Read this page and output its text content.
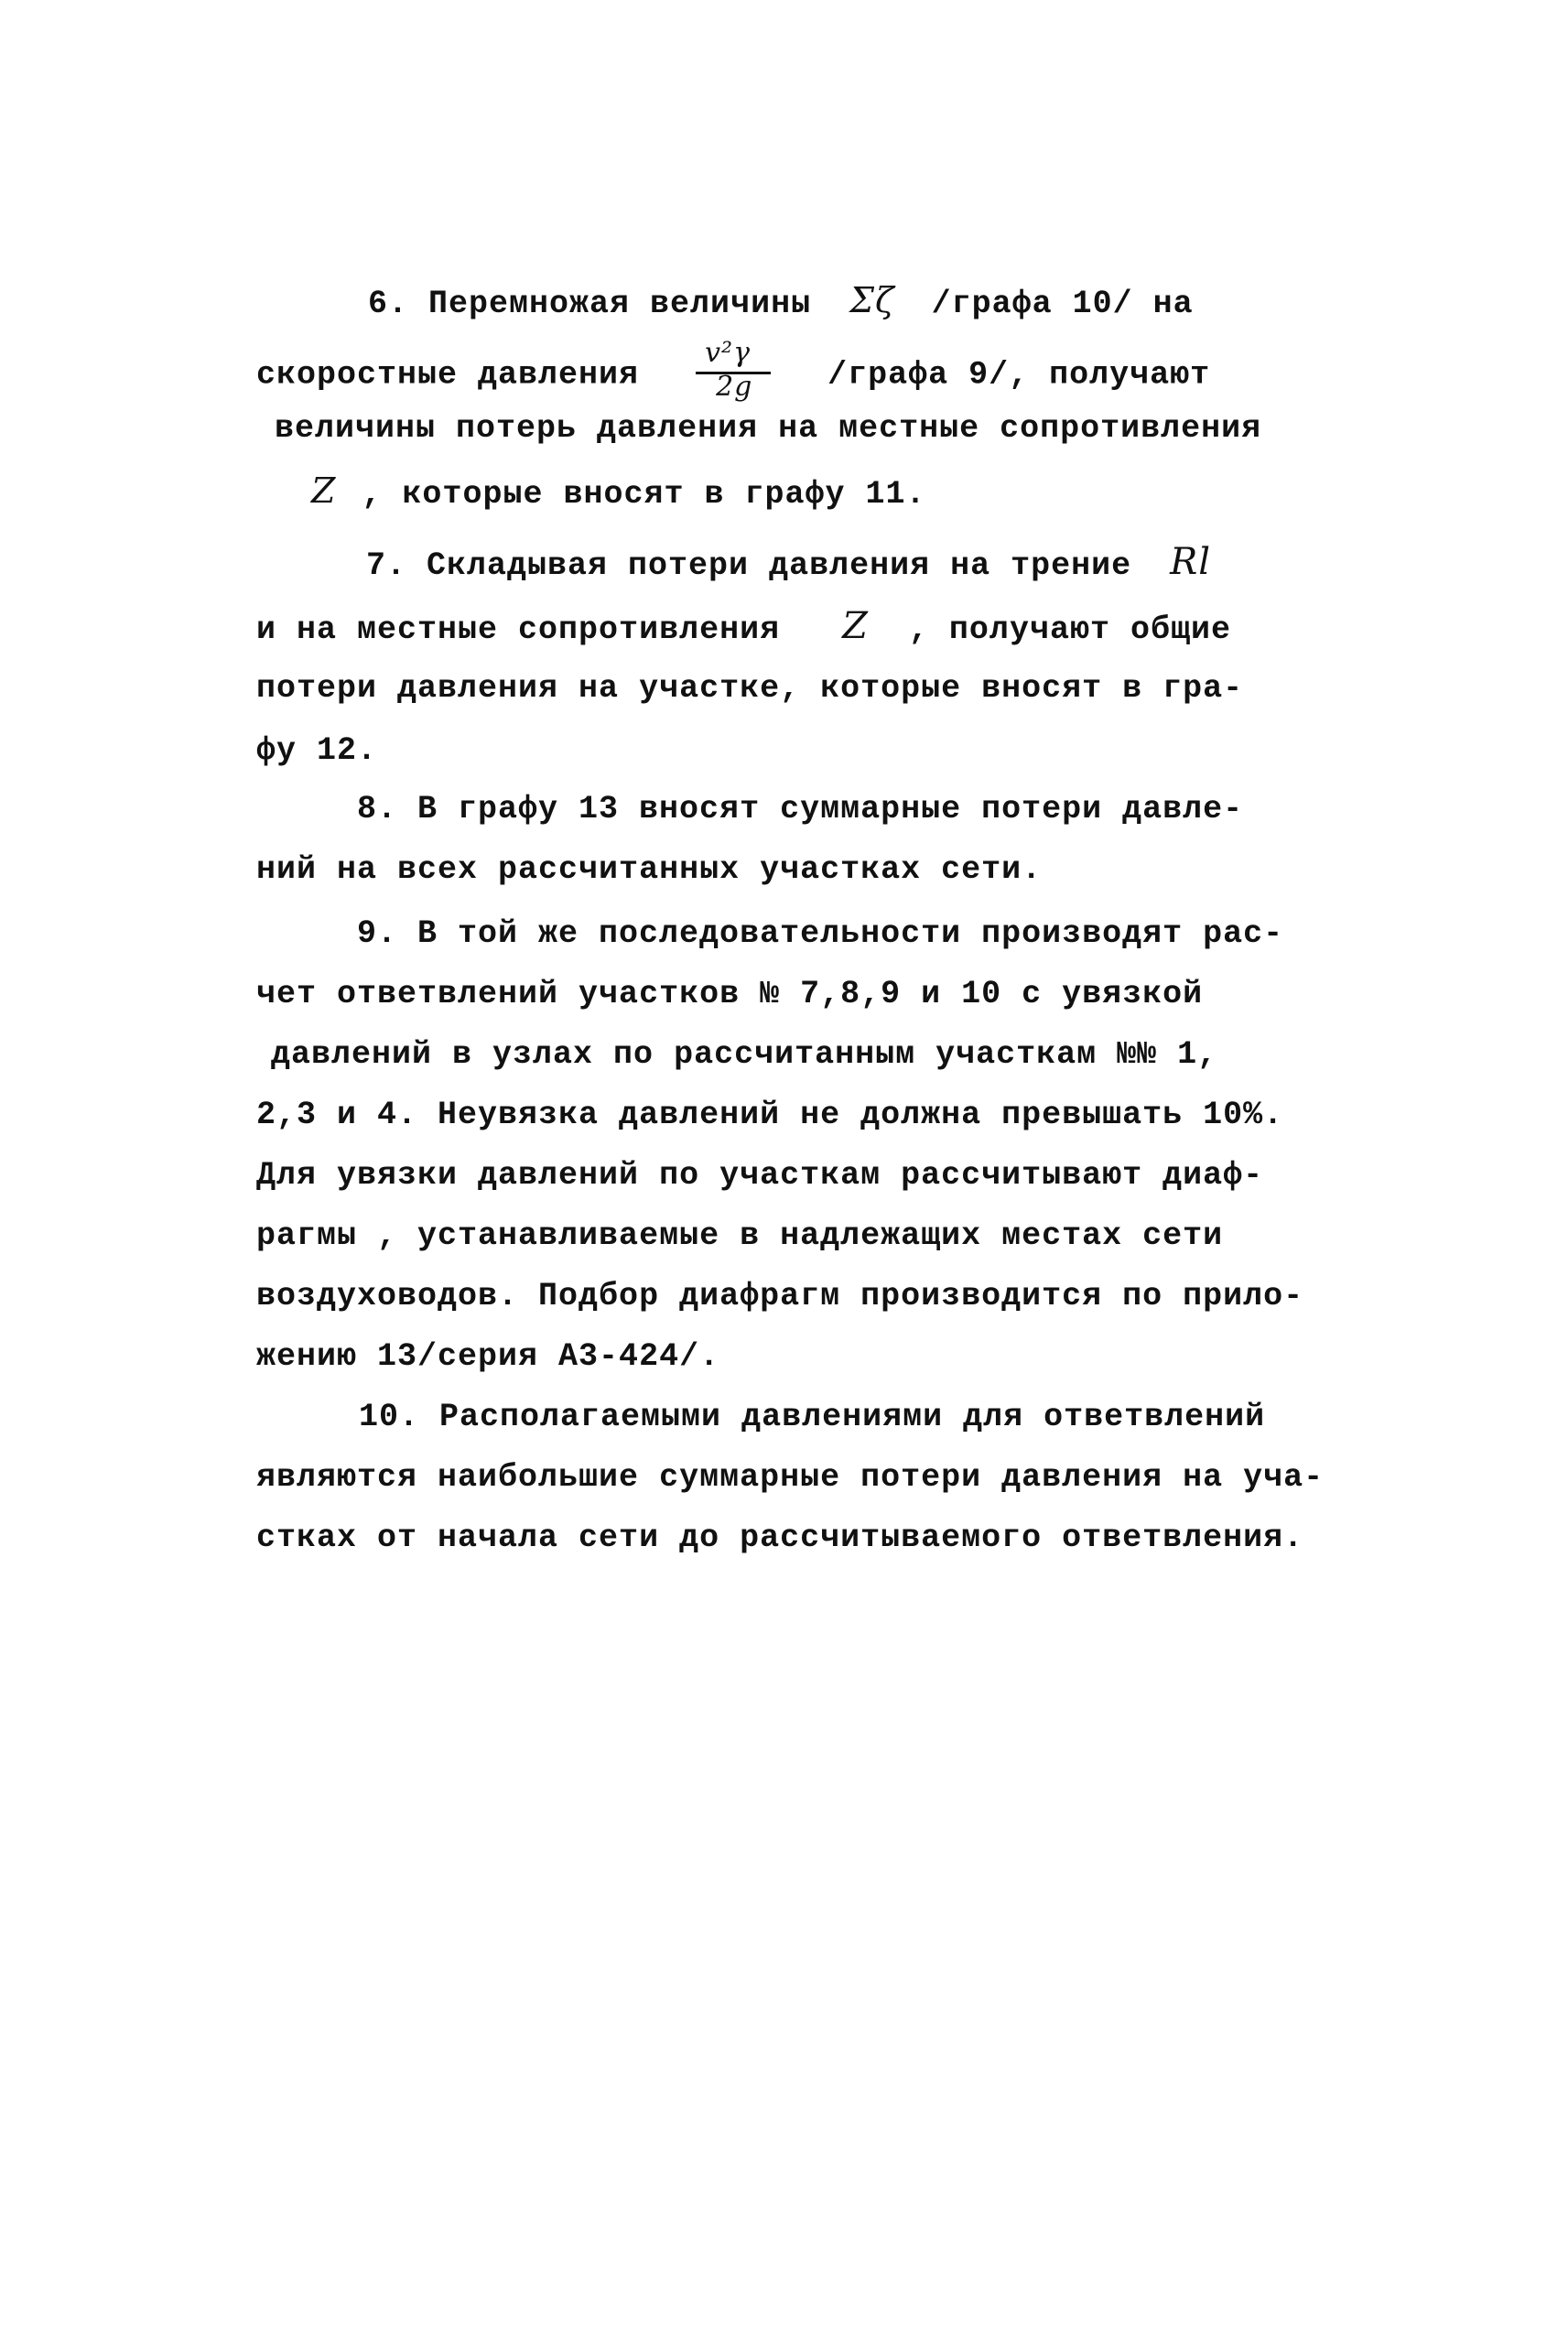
6. Перемножая величины Σζ /графа 10/ на
скоростные давления $\frac{\text{v²γ}}{2g}$ /графа 9/, получают
величины потерь давления на местные сопротивления
Z , которые вносят в графу 11.
7. Складывая потери давления на трение Rl
и на местные сопротивления Z , получают общие
потери давления на участке, которые вносят в гра-
фу 12.
8. В графу 13 вносят суммарные потери давле-
ний на всех рассчитанных участках сети.
9. В той же последовательности производят рас-
чет ответвлений участков № 7,8,9 и 10 с увязкой
давлений в узлах по рассчитанным участкам №№ 1,
2,3 и 4. Неувязка давлений не должна превышать 10%.
Для увязки давлений по участкам рассчитывают диаф-
рагмы , устанавливаемые в надлежащих местах сети
воздуховодов. Подбор диафрагм производится по прило-
жению 13/серия А3-424/.
10. Располагаемыми давлениями для ответвлений
являются наибольшие суммарные потери давления на уча-
стках от начала сети до рассчитываемого ответвления.
